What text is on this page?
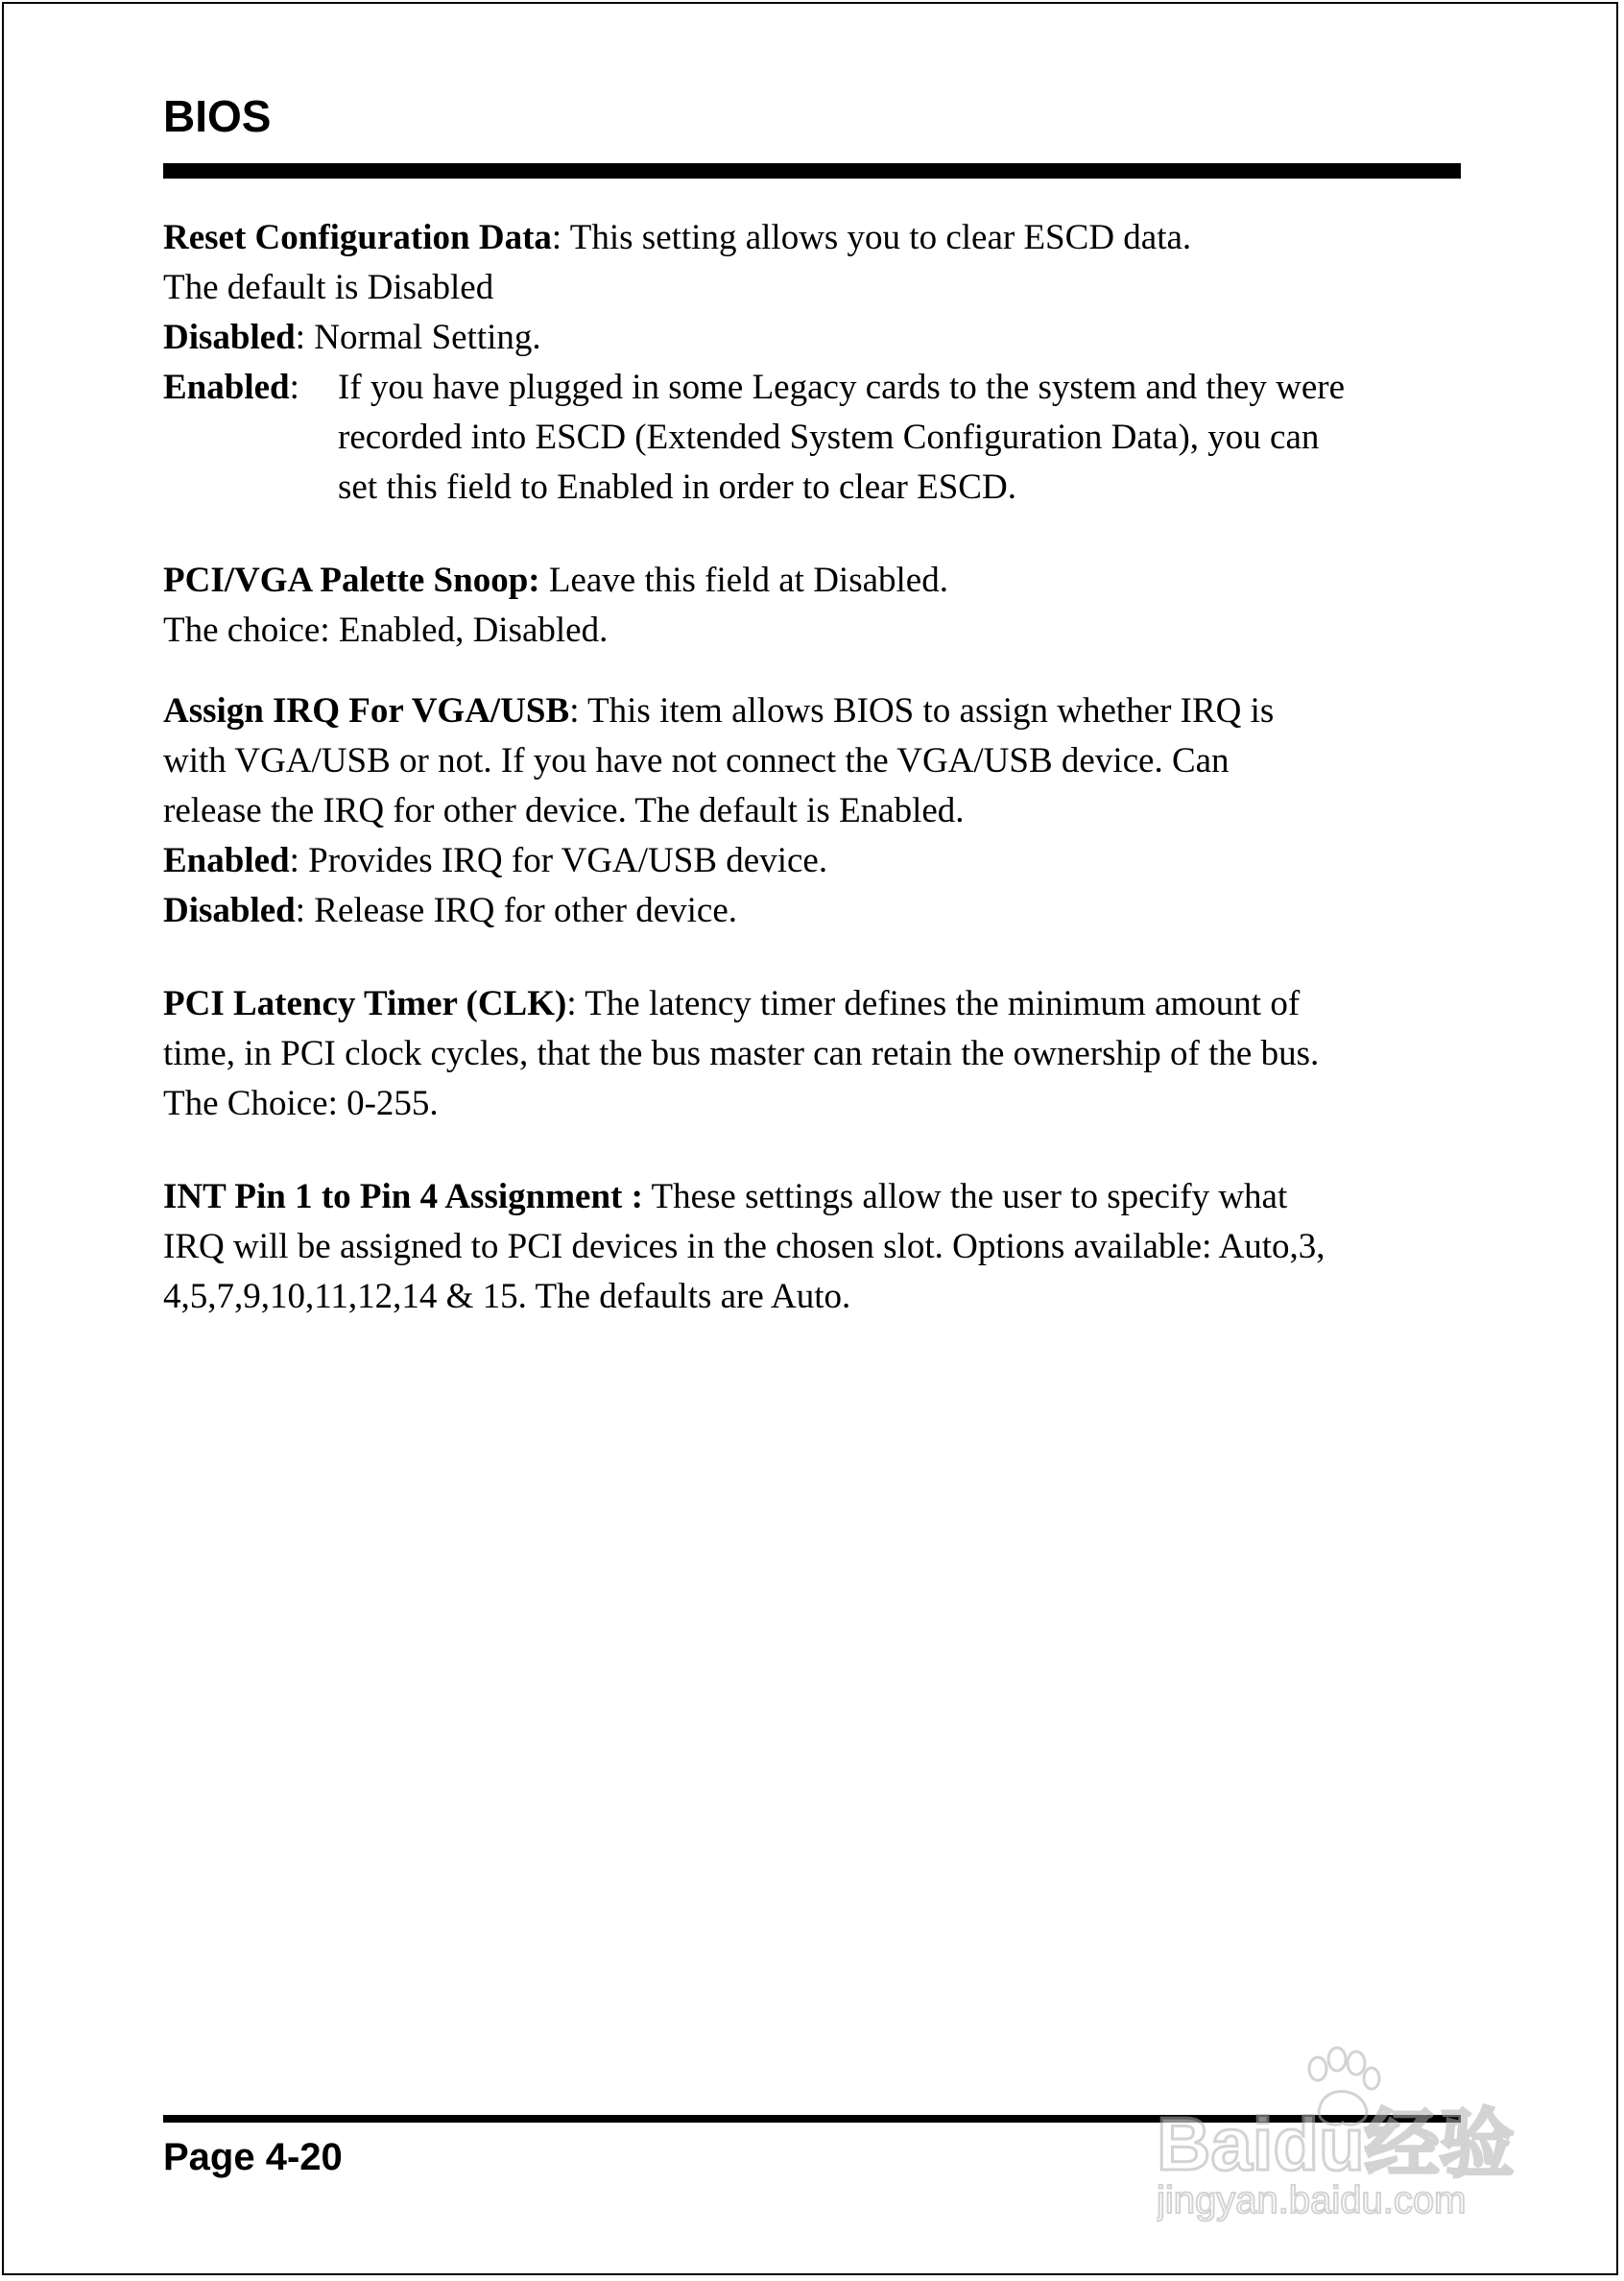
BIOS
Reset Configuration Data: This setting allows you to clear ESCD data.
The default is Disabled
Disabled: Normal Setting.
Enabled:	If you have plugged in some Legacy cards to the system and they were
recorded into ESCD (Extended System Configuration Data), you can
set this field to Enabled in order to clear ESCD.
PCI/VGA Palette Snoop: Leave this field at Disabled.
The choice: Enabled, Disabled.
Assign IRQ For VGA/USB: This item allows BIOS to assign whether IRQ is
with VGA/USB or not. If you have not connect the VGA/USB device. Can
release the IRQ for other device. The default is Enabled.
Enabled: Provides IRQ for VGA/USB device.
Disabled: Release IRQ for other device.
PCI Latency Timer (CLK): The latency timer defines the minimum amount of
time, in PCI clock cycles, that the bus master can retain the ownership of the bus.
The Choice: 0-255.
INT Pin 1 to Pin 4 Assignment : These settings allow the user to specify what
IRQ will be assigned to PCI devices in the chosen slot. Options available: Auto,3,
4,5,7,9,10,11,12,14 & 15. The defaults are Auto.

Page 4-20	Baidu经验
jingyan.baidu.com
